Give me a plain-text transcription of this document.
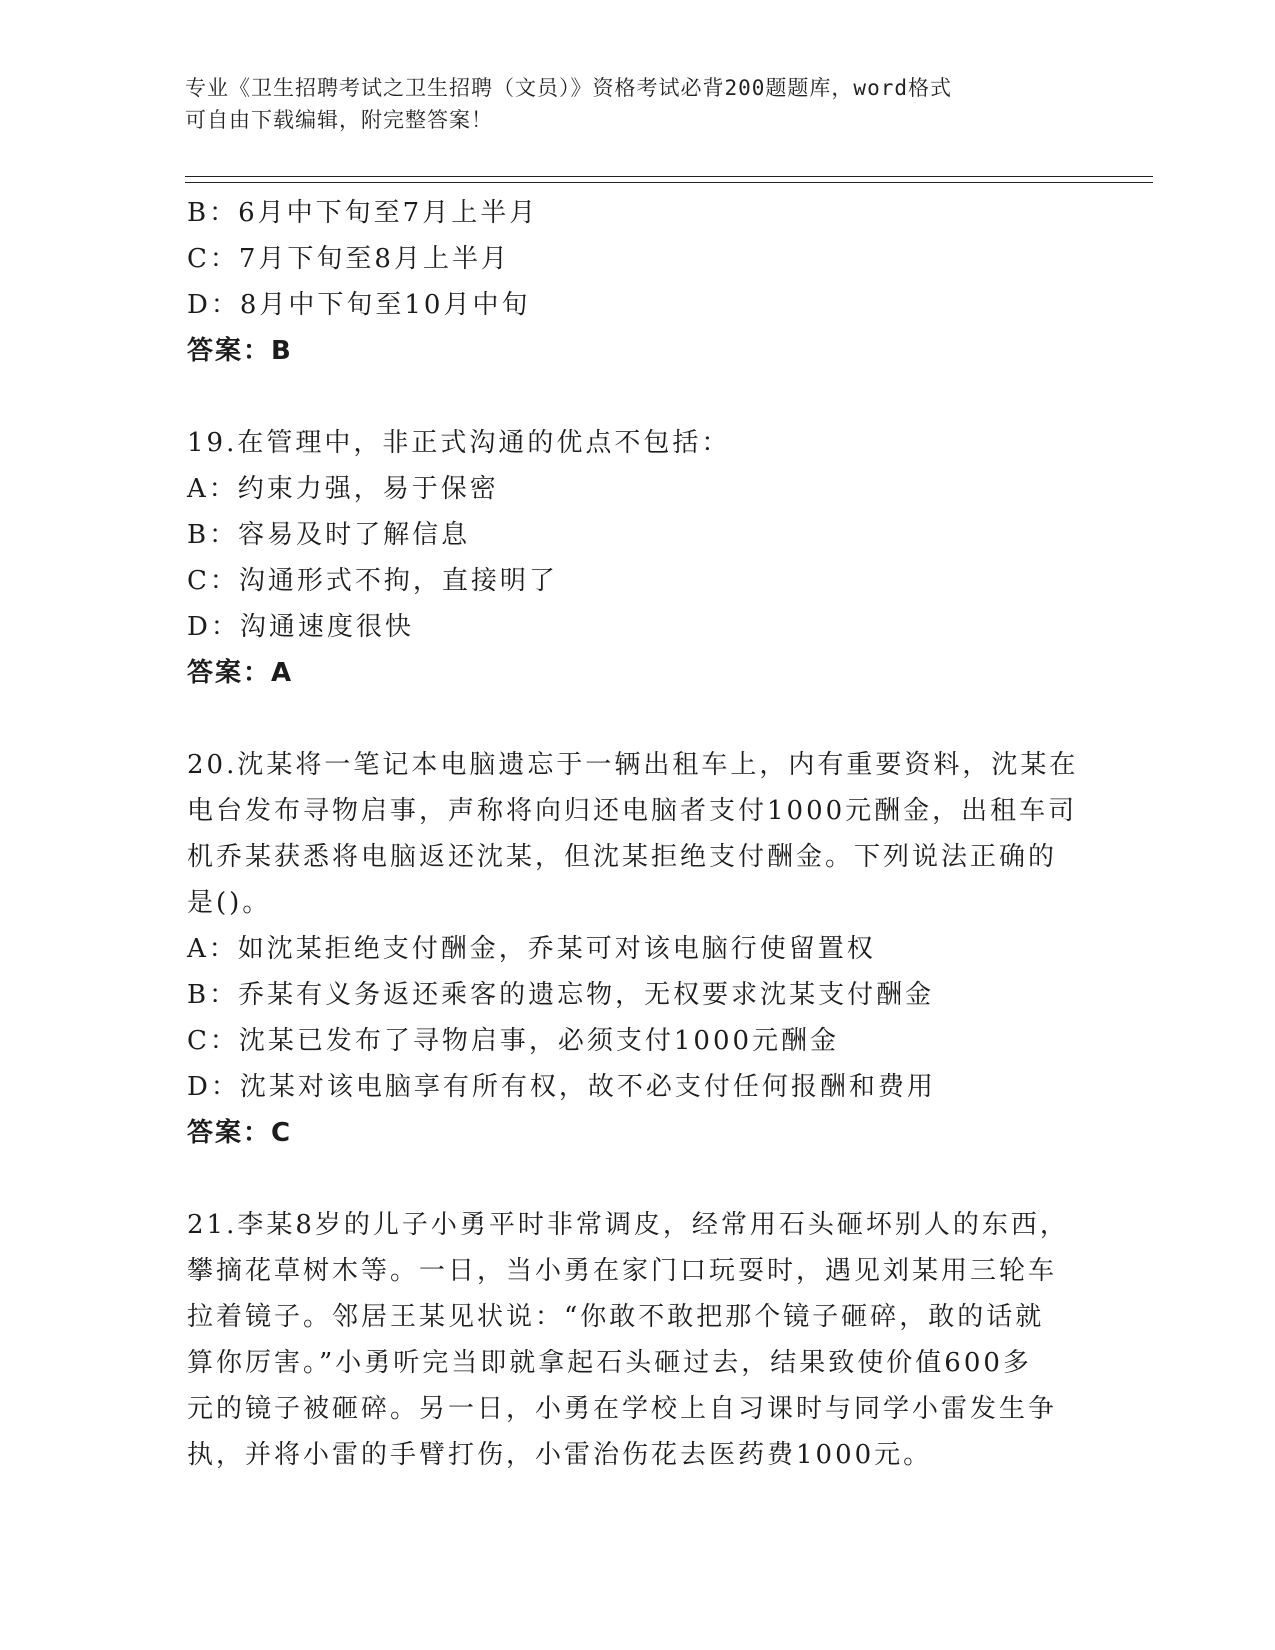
专业《卫生招聘考试之卫生招聘（文员）》资格考试必背200题题库，word格式
可自由下载编辑，附完整答案！
B：6月中下旬至7月上半月
C：7月下旬至8月上半月
D：8月中下旬至10月中旬
答案：B
19.在管理中，非正式沟通的优点不包括：
A：约束力强，易于保密
B：容易及时了解信息
C：沟通形式不拘，直接明了
D：沟通速度很快
答案：A
20.沈某将一笔记本电脑遗忘于一辆出租车上，内有重要资料，沈某在
电台发布寻物启事，声称将向归还电脑者支付1000元酬金，出租车司
机乔某获悉将电脑返还沈某，但沈某拒绝支付酬金。下列说法正确的
是()。
A：如沈某拒绝支付酬金，乔某可对该电脑行使留置权
B：乔某有义务返还乘客的遗忘物，无权要求沈某支付酬金
C：沈某已发布了寻物启事，必须支付1000元酬金
D：沈某对该电脑享有所有权，故不必支付任何报酬和费用
答案：C
21.李某8岁的儿子小勇平时非常调皮，经常用石头砸坏别人的东西，
攀摘花草树木等。一日，当小勇在家门口玩耍时，遇见刘某用三轮车
拉着镜子。邻居王某见状说：“你敢不敢把那个镜子砸碎，敢的话就
算你厉害。”小勇听完当即就拿起石头砸过去，结果致使价值600多
元的镜子被砸碎。另一日，小勇在学校上自习课时与同学小雷发生争
执，并将小雷的手臂打伤，小雷治伤花去医药费1000元。
